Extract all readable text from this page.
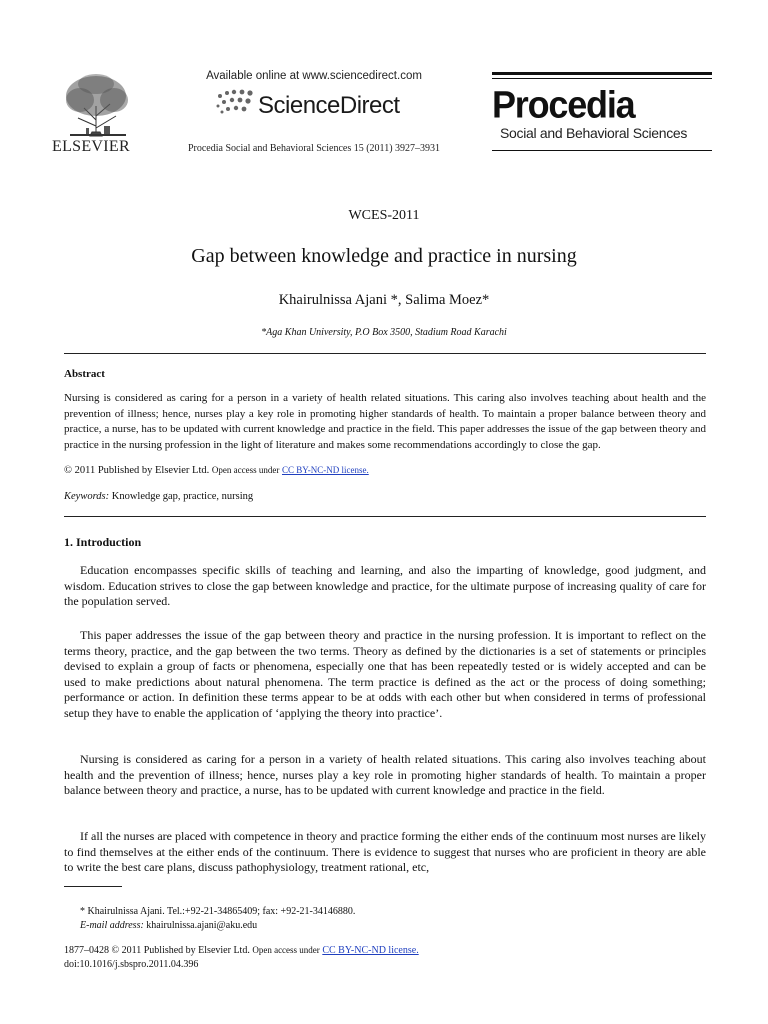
ELSEVIER
Available online at www.sciencedirect.com
ScienceDirect
Procedia Social and Behavioral Sciences 15 (2011) 3927–3931
Procedia
Social and Behavioral Sciences
WCES-2011
Gap between knowledge and practice in nursing
Khairulnissa Ajani *, Salima Moez*
*Aga Khan University, P.O Box 3500, Stadium Road Karachi
Abstract
Nursing is considered as caring for a person in a variety of health related situations. This caring also involves teaching about health and the prevention of illness; hence, nurses play a key role in promoting higher standards of health. To maintain a proper balance between theory and practice, a nurse, has to be updated with current knowledge and practice in the field. This paper addresses the issue of the gap between theory and practice in the nursing profession in the light of literature and makes some recommendations accordingly to close the gap.
© 2011 Published by Elsevier Ltd. Open access under CC BY-NC-ND license.
Keywords: Knowledge gap, practice, nursing
1. Introduction
Education encompasses specific skills of teaching and learning, and also the imparting of knowledge, good judgment, and wisdom. Education strives to close the gap between knowledge and practice, for the ultimate purpose of increasing quality of care for the population served.
This paper addresses the issue of the gap between theory and practice in the nursing profession. It is important to reflect on the terms theory, practice, and the gap between the two terms. Theory as defined by the dictionaries is a set of statements or principles devised to explain a group of facts or phenomena, especially one that has been repeatedly tested or is widely accepted and can be used to make predictions about natural phenomena. The term practice is defined as the act or the process of doing something; performance or action. In definition these terms appear to be at odds with each other but when considered in terms of professional setup they have to enable the application of ‘applying the theory into practice’.
Nursing is considered as caring for a person in a variety of health related situations. This caring also involves teaching about health and the prevention of illness; hence, nurses play a key role in promoting higher standards of health. To maintain a proper balance between theory and practice, a nurse, has to be updated with current knowledge and practice in the field.
If all the nurses are placed with competence in theory and practice forming the either ends of the continuum most nurses are likely to find themselves at the either ends of the continuum. There is evidence to suggest that nurses who are proficient in theory are able to write the best care plans, discuss pathophysiology, treatment rational, etc,
* Khairulnissa Ajani. Tel.:+92-21-34865409; fax: +92-21-34146880.
E-mail address: khairulnissa.ajani@aku.edu
1877–0428 © 2011 Published by Elsevier Ltd. Open access under CC BY-NC-ND license.
doi:10.1016/j.sbspro.2011.04.396
